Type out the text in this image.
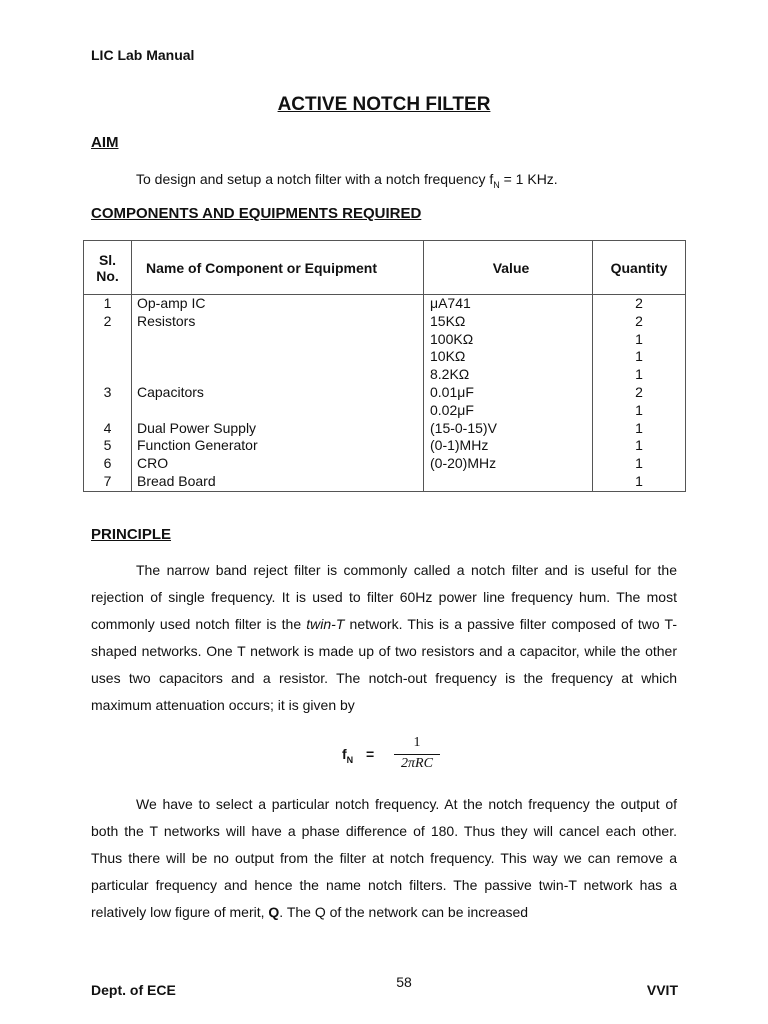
LIC Lab Manual
ACTIVE NOTCH FILTER
AIM
To design and setup a notch filter with a notch frequency $f_N = 1$ KHz.
COMPONENTS AND EQUIPMENTS REQUIRED
Sl.
No.	Name of Component or Equipment	Value	Quantity
1	Op-amp IC	μA741	2
2	Resistors	15KΩ	2
		100KΩ	1
		10KΩ	1
		8.2KΩ	1
3	Capacitors	0.01μF	2
		0.02μF	1
4	Dual Power Supply	(15-0-15)V	1
5	Function Generator	(0-1)MHz	1
6	CRO	(0-20)MHz	1
7	Bread Board		1
PRINCIPLE
The narrow band reject filter is commonly called a notch filter and is useful for the rejection of single frequency. It is used to filter 60Hz power line frequency hum. The most commonly used notch filter is the twin-T network. This is a passive filter composed of two T-shaped networks. One T network is made up of two resistors and a capacitor, while the other uses two capacitors and a resistor. The notch-out frequency is the frequency at which maximum attenuation occurs; it is given by
$f_N$ =
1
2πRC
We have to select a particular notch frequency. At the notch frequency the output of both the T networks will have a phase difference of 180. Thus they will cancel each other. Thus there will be no output from the filter at notch frequency. This way we can remove a particular frequency and hence the name notch filters. The passive twin-T network has a relatively low figure of merit, Q. The Q of the network can be increased
Dept. of ECE	58	VVIT
